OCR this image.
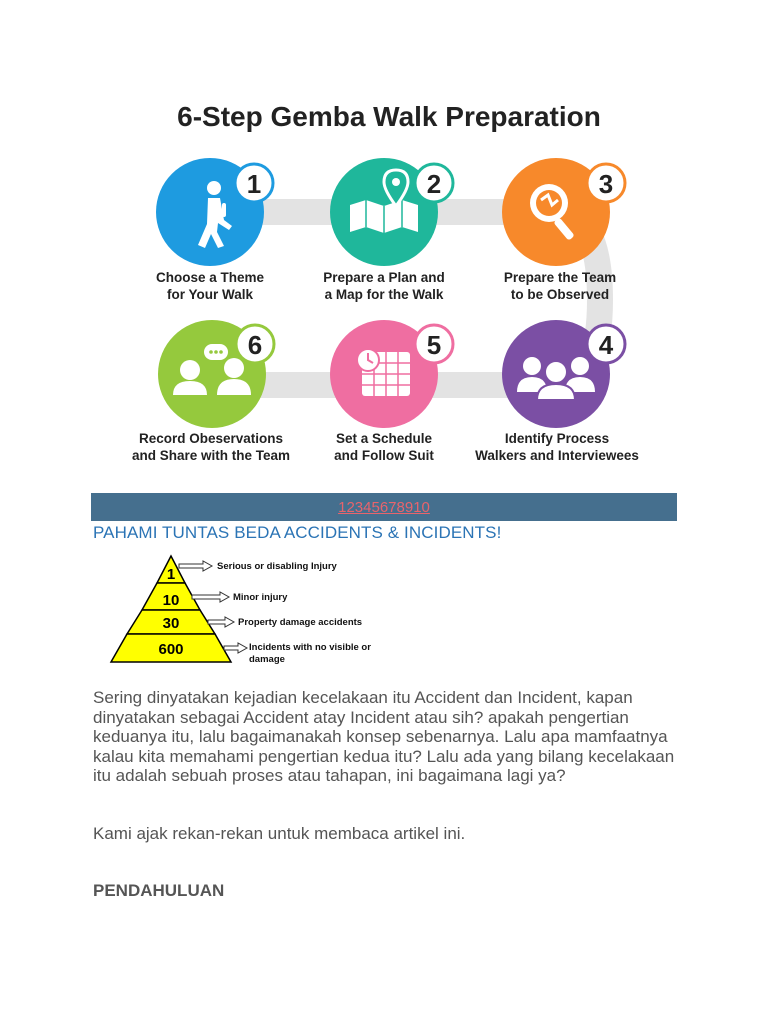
6-Step Gemba Walk Preparation
1
Choose a Theme
for Your Walk
2
Prepare a Plan and
a Map for the Walk
3
Prepare the Team
to be Observed
6
Record Obeservations
and Share with the Team
5
Set a Schedule
and Follow Suit
4
Identify Process
Walkers and Interviewees
12345678910
PAHAMI TUNTAS BEDA ACCIDENTS & INCIDENTS!
1
10
30
600
Serious or disabling Injury
Minor injury
Property damage accidents
Incidents with no visible or
damage
Sering dinyatakan kejadian kecelakaan itu Accident dan Incident, kapan dinyatakan sebagai Accident atay Incident atau sih? apakah pengertian keduanya itu, lalu bagaimanakah konsep sebenarnya. Lalu apa mamfaatnya kalau kita memahami pengertian kedua itu? Lalu ada yang bilang kecelakaan itu adalah sebuah proses atau tahapan, ini bagaimana lagi ya?
Kami ajak rekan-rekan untuk membaca artikel ini.
PENDAHULUAN
